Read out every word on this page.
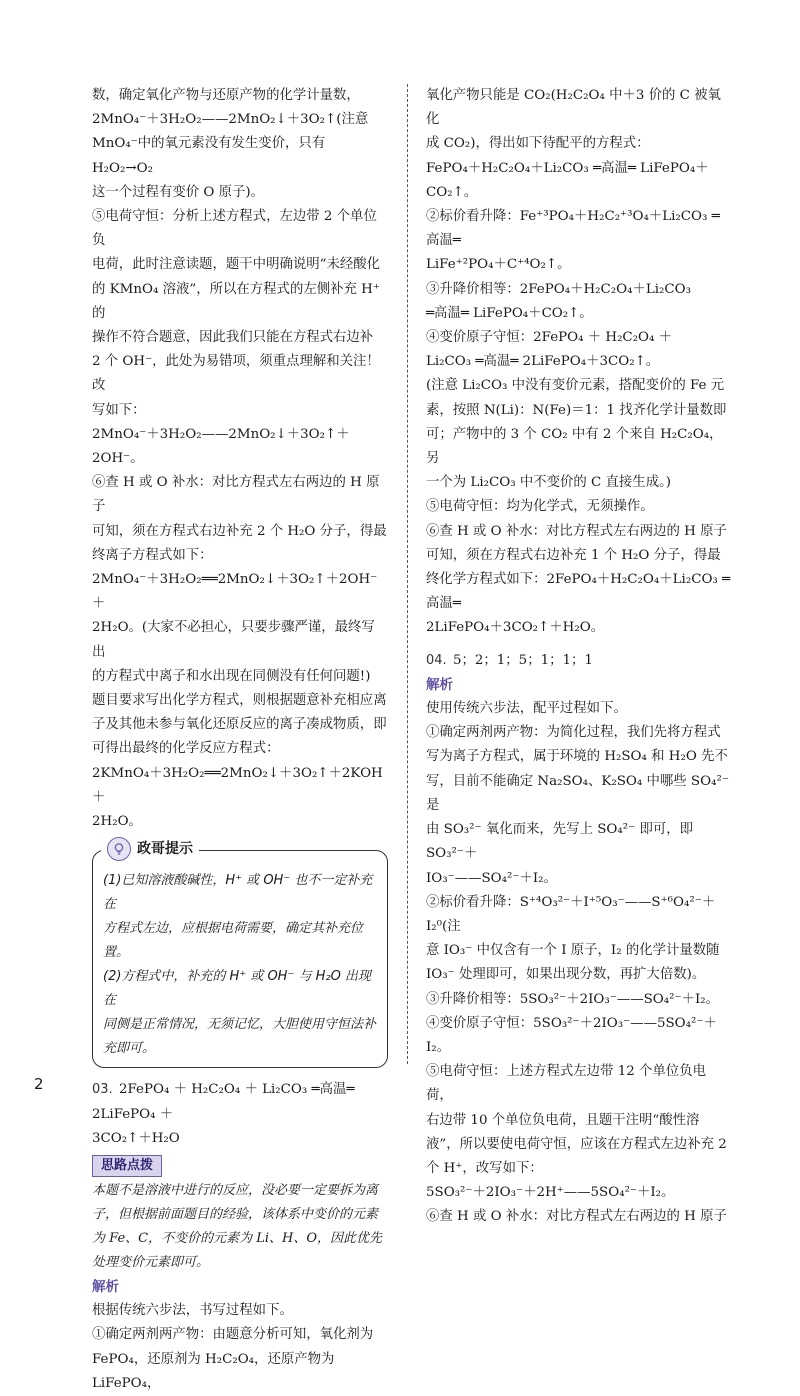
数，确定氧化产物与还原产物的化学计量数，

2MnO₄⁻＋3H₂O₂——2MnO₂↓＋3O₂↑(注意

MnO₄⁻中的氧元素没有发生变价，只有 H₂O₂→O₂

这一个过程有变价 O 原子)。

⑤电荷守恒：分析上述方程式，左边带 2 个单位负

电荷，此时注意读题，题干中明确说明“未经酸化

的 KMnO₄ 溶液”，所以在方程式的左侧补充 H⁺ 的

操作不符合题意，因此我们只能在方程式右边补

2 个 OH⁻，此处为易错项，须重点理解和关注！改

写如下：

2MnO₄⁻＋3H₂O₂——2MnO₂↓＋3O₂↑＋2OH⁻。

⑥查 H 或 O 补水：对比方程式左右两边的 H 原子

可知，须在方程式右边补充 2 个 H₂O 分子，得最

终离子方程式如下：

2MnO₄⁻＋3H₂O₂══2MnO₂↓＋3O₂↑＋2OH⁻＋

2H₂O。(大家不必担心，只要步骤严谨，最终写出

的方程式中离子和水出现在同侧没有任何问题!)

题目要求写出化学方程式，则根据题意补充相应离

子及其他未参与氧化还原反应的离子凑成物质，即

可得出最终的化学反应方程式：

2KMnO₄＋3H₂O₂══2MnO₂↓＋3O₂↑＋2KOH＋

2H₂O。

政哥提示

(1)已知溶液酸碱性，H⁺ 或 OH⁻ 也不一定补充在

方程式左边，应根据电荷需要，确定其补充位置。

(2)方程式中，补充的 H⁺ 或 OH⁻ 与 H₂O 出现在

同侧是正常情况，无须记忆，大胆使用守恒法补

充即可。

03. 2FePO₄ ＋ H₂C₂O₄ ＋ Li₂CO₃ ═高温═ 2LiFePO₄ ＋

3CO₂↑＋H₂O

思路点拨

本题不是溶液中进行的反应，没必要一定要拆为离

子，但根据前面题目的经验，该体系中变价的元素

为 Fe、C，不变价的元素为 Li、H、O，因此优先

处理变价元素即可。

解析

根据传统六步法，书写过程如下。

①确定两剂两产物：由题意分析可知，氧化剂为

FePO₄，还原剂为 H₂C₂O₄，还原产物为 LiFePO₄，

氧化产物只能是 CO₂(H₂C₂O₄ 中＋3 价的 C 被氧化

成 CO₂)，得出如下待配平的方程式：

FePO₄＋H₂C₂O₄＋Li₂CO₃ ═高温═ LiFePO₄＋CO₂↑。

②标价看升降：Fe⁺³PO₄＋H₂C₂⁺³O₄＋Li₂CO₃ ═高温═

LiFe⁺²PO₄＋C⁺⁴O₂↑。

③升降价相等：2FePO₄＋H₂C₂O₄＋Li₂CO₃

═高温═ LiFePO₄＋CO₂↑。

④变价原子守恒：2FePO₄ ＋ H₂C₂O₄ ＋

Li₂CO₃ ═高温═ 2LiFePO₄＋3CO₂↑。

(注意 Li₂CO₃ 中没有变价元素，搭配变价的 Fe 元

素，按照 N(Li)：N(Fe)＝1：1 找齐化学计量数即

可；产物中的 3 个 CO₂ 中有 2 个来自 H₂C₂O₄，另

一个为 Li₂CO₃ 中不变价的 C 直接生成。)

⑤电荷守恒：均为化学式，无须操作。

⑥查 H 或 O 补水：对比方程式左右两边的 H 原子

可知，须在方程式右边补充 1 个 H₂O 分子，得最

终化学方程式如下：2FePO₄＋H₂C₂O₄＋Li₂CO₃ ═高温═

2LiFePO₄＋3CO₂↑＋H₂O。

04. 5；2；1；5；1；1；1

解析

使用传统六步法，配平过程如下。

①确定两剂两产物：为简化过程，我们先将方程式

写为离子方程式，属于环境的 H₂SO₄ 和 H₂O 先不

写，目前不能确定 Na₂SO₄、K₂SO₄ 中哪些 SO₄²⁻ 是

由 SO₃²⁻ 氧化而来，先写上 SO₄²⁻ 即可，即 SO₃²⁻＋

IO₃⁻——SO₄²⁻＋I₂。

②标价看升降：S⁺⁴O₃²⁻＋I⁺⁵O₃⁻——S⁺⁶O₄²⁻＋I₂⁰(注

意 IO₃⁻ 中仅含有一个 I 原子，I₂ 的化学计量数随

IO₃⁻ 处理即可，如果出现分数，再扩大倍数)。

③升降价相等：5SO₃²⁻＋2IO₃⁻——SO₄²⁻＋I₂。

④变价原子守恒：5SO₃²⁻＋2IO₃⁻——5SO₄²⁻＋I₂。

⑤电荷守恒：上述方程式左边带 12 个单位负电荷，

右边带 10 个单位负电荷，且题干注明“酸性溶

液”，所以要使电荷守恒，应该在方程式左边补充 2

个 H⁺，改写如下：

5SO₃²⁻＋2IO₃⁻＋2H⁺——5SO₄²⁻＋I₂。

⑥查 H 或 O 补水：对比方程式左右两边的 H 原子

2
